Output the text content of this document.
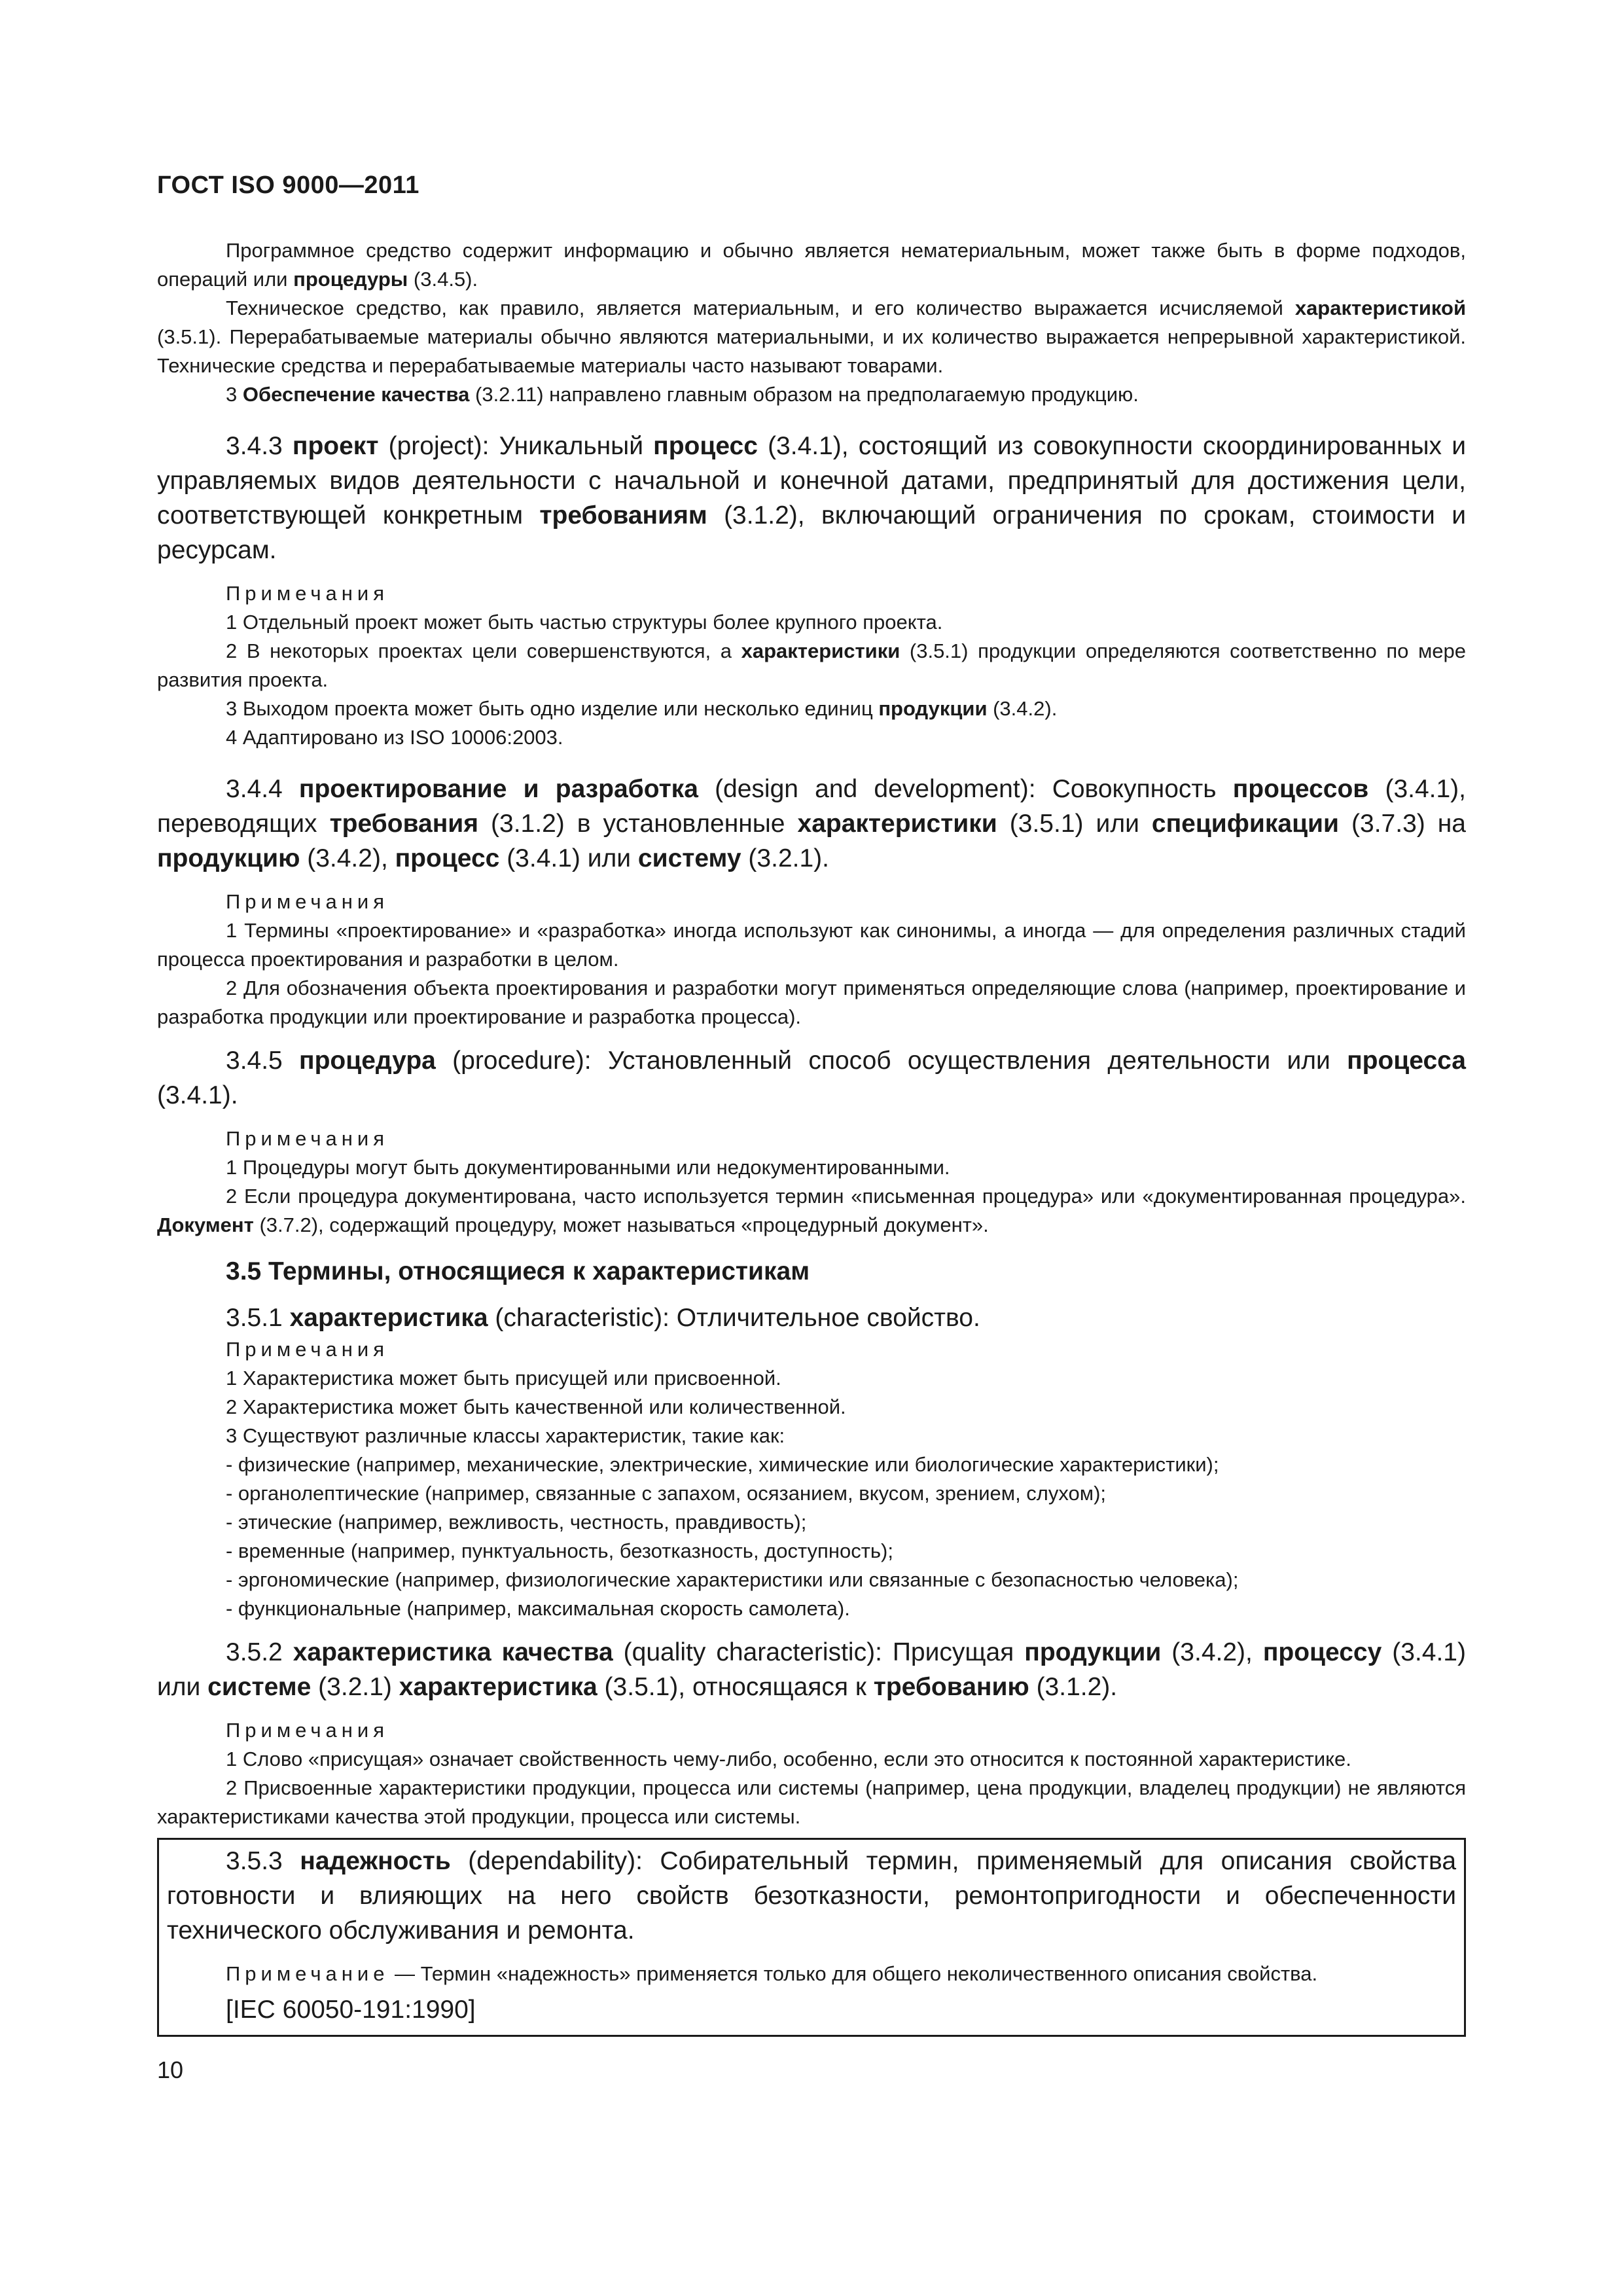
ГОСТ ISO 9000—2011

Программное средство содержит информацию и обычно является нематериальным, может также быть в форме подходов, операций или процедуры (3.4.5).

Техническое средство, как правило, является материальным, и его количество выражается исчисляемой характеристикой (3.5.1). Перерабатываемые материалы обычно являются материальными, и их количество выражается непрерывной характеристикой. Технические средства и перерабатываемые материалы часто называют товарами.

3 Обеспечение качества (3.2.11) направлено главным образом на предполагаемую продукцию.

3.4.3 проект (project): Уникальный процесс (3.4.1), состоящий из совокупности скоординированных и управляемых видов деятельности с начальной и конечной датами, предпринятый для достижения цели, соответствующей конкретным требованиям (3.1.2), включающий ограничения по срокам, стоимости и ресурсам.

Примечания

1 Отдельный проект может быть частью структуры более крупного проекта.

2 В некоторых проектах цели совершенствуются, а характеристики (3.5.1) продукции определяются соответственно по мере развития проекта.

3 Выходом проекта может быть одно изделие или несколько единиц продукции (3.4.2).

4 Адаптировано из ISO 10006:2003.

3.4.4 проектирование и разработка (design and development): Совокупность процессов (3.4.1), переводящих требования (3.1.2) в установленные характеристики (3.5.1) или спецификации (3.7.3) на продукцию (3.4.2), процесс (3.4.1) или систему (3.2.1).

Примечания

1 Термины «проектирование» и «разработка» иногда используют как синонимы, а иногда — для определения различных стадий процесса проектирования и разработки в целом.

2 Для обозначения объекта проектирования и разработки могут применяться определяющие слова (например, проектирование и разработка продукции или проектирование и разработка процесса).

3.4.5 процедура (procedure): Установленный способ осуществления деятельности или процесса (3.4.1).

Примечания

1 Процедуры могут быть документированными или недокументированными.

2 Если процедура документирована, часто используется термин «письменная процедура» или «документированная процедура». Документ (3.7.2), содержащий процедуру, может называться «процедурный документ».

3.5 Термины, относящиеся к характеристикам

3.5.1 характеристика (characteristic): Отличительное свойство.

Примечания

1 Характеристика может быть присущей или присвоенной.

2 Характеристика может быть качественной или количественной.

3 Существуют различные классы характеристик, такие как:

- физические (например, механические, электрические, химические или биологические характеристики);

- органолептические (например, связанные с запахом, осязанием, вкусом, зрением, слухом);

- этические (например, вежливость, честность, правдивость);

- временные (например, пунктуальность, безотказность, доступность);

- эргономические (например, физиологические характеристики или связанные с безопасностью человека);

- функциональные (например, максимальная скорость самолета).

3.5.2 характеристика качества (quality characteristic): Присущая продукции (3.4.2), процессу (3.4.1) или системе (3.2.1) характеристика (3.5.1), относящаяся к требованию (3.1.2).

Примечания

1 Слово «присущая» означает свойственность чему-либо, особенно, если это относится к постоянной характеристике.

2 Присвоенные характеристики продукции, процесса или системы (например, цена продукции, владелец продукции) не являются характеристиками качества этой продукции, процесса или системы.

3.5.3 надежность (dependability): Собирательный термин, применяемый для описания свойства готовности и влияющих на него свойств безотказности, ремонтопригодности и обеспеченности технического обслуживания и ремонта.

Примечание — Термин «надежность» применяется только для общего неколичественного описания свойства.

[IEC 60050-191:1990]
10
